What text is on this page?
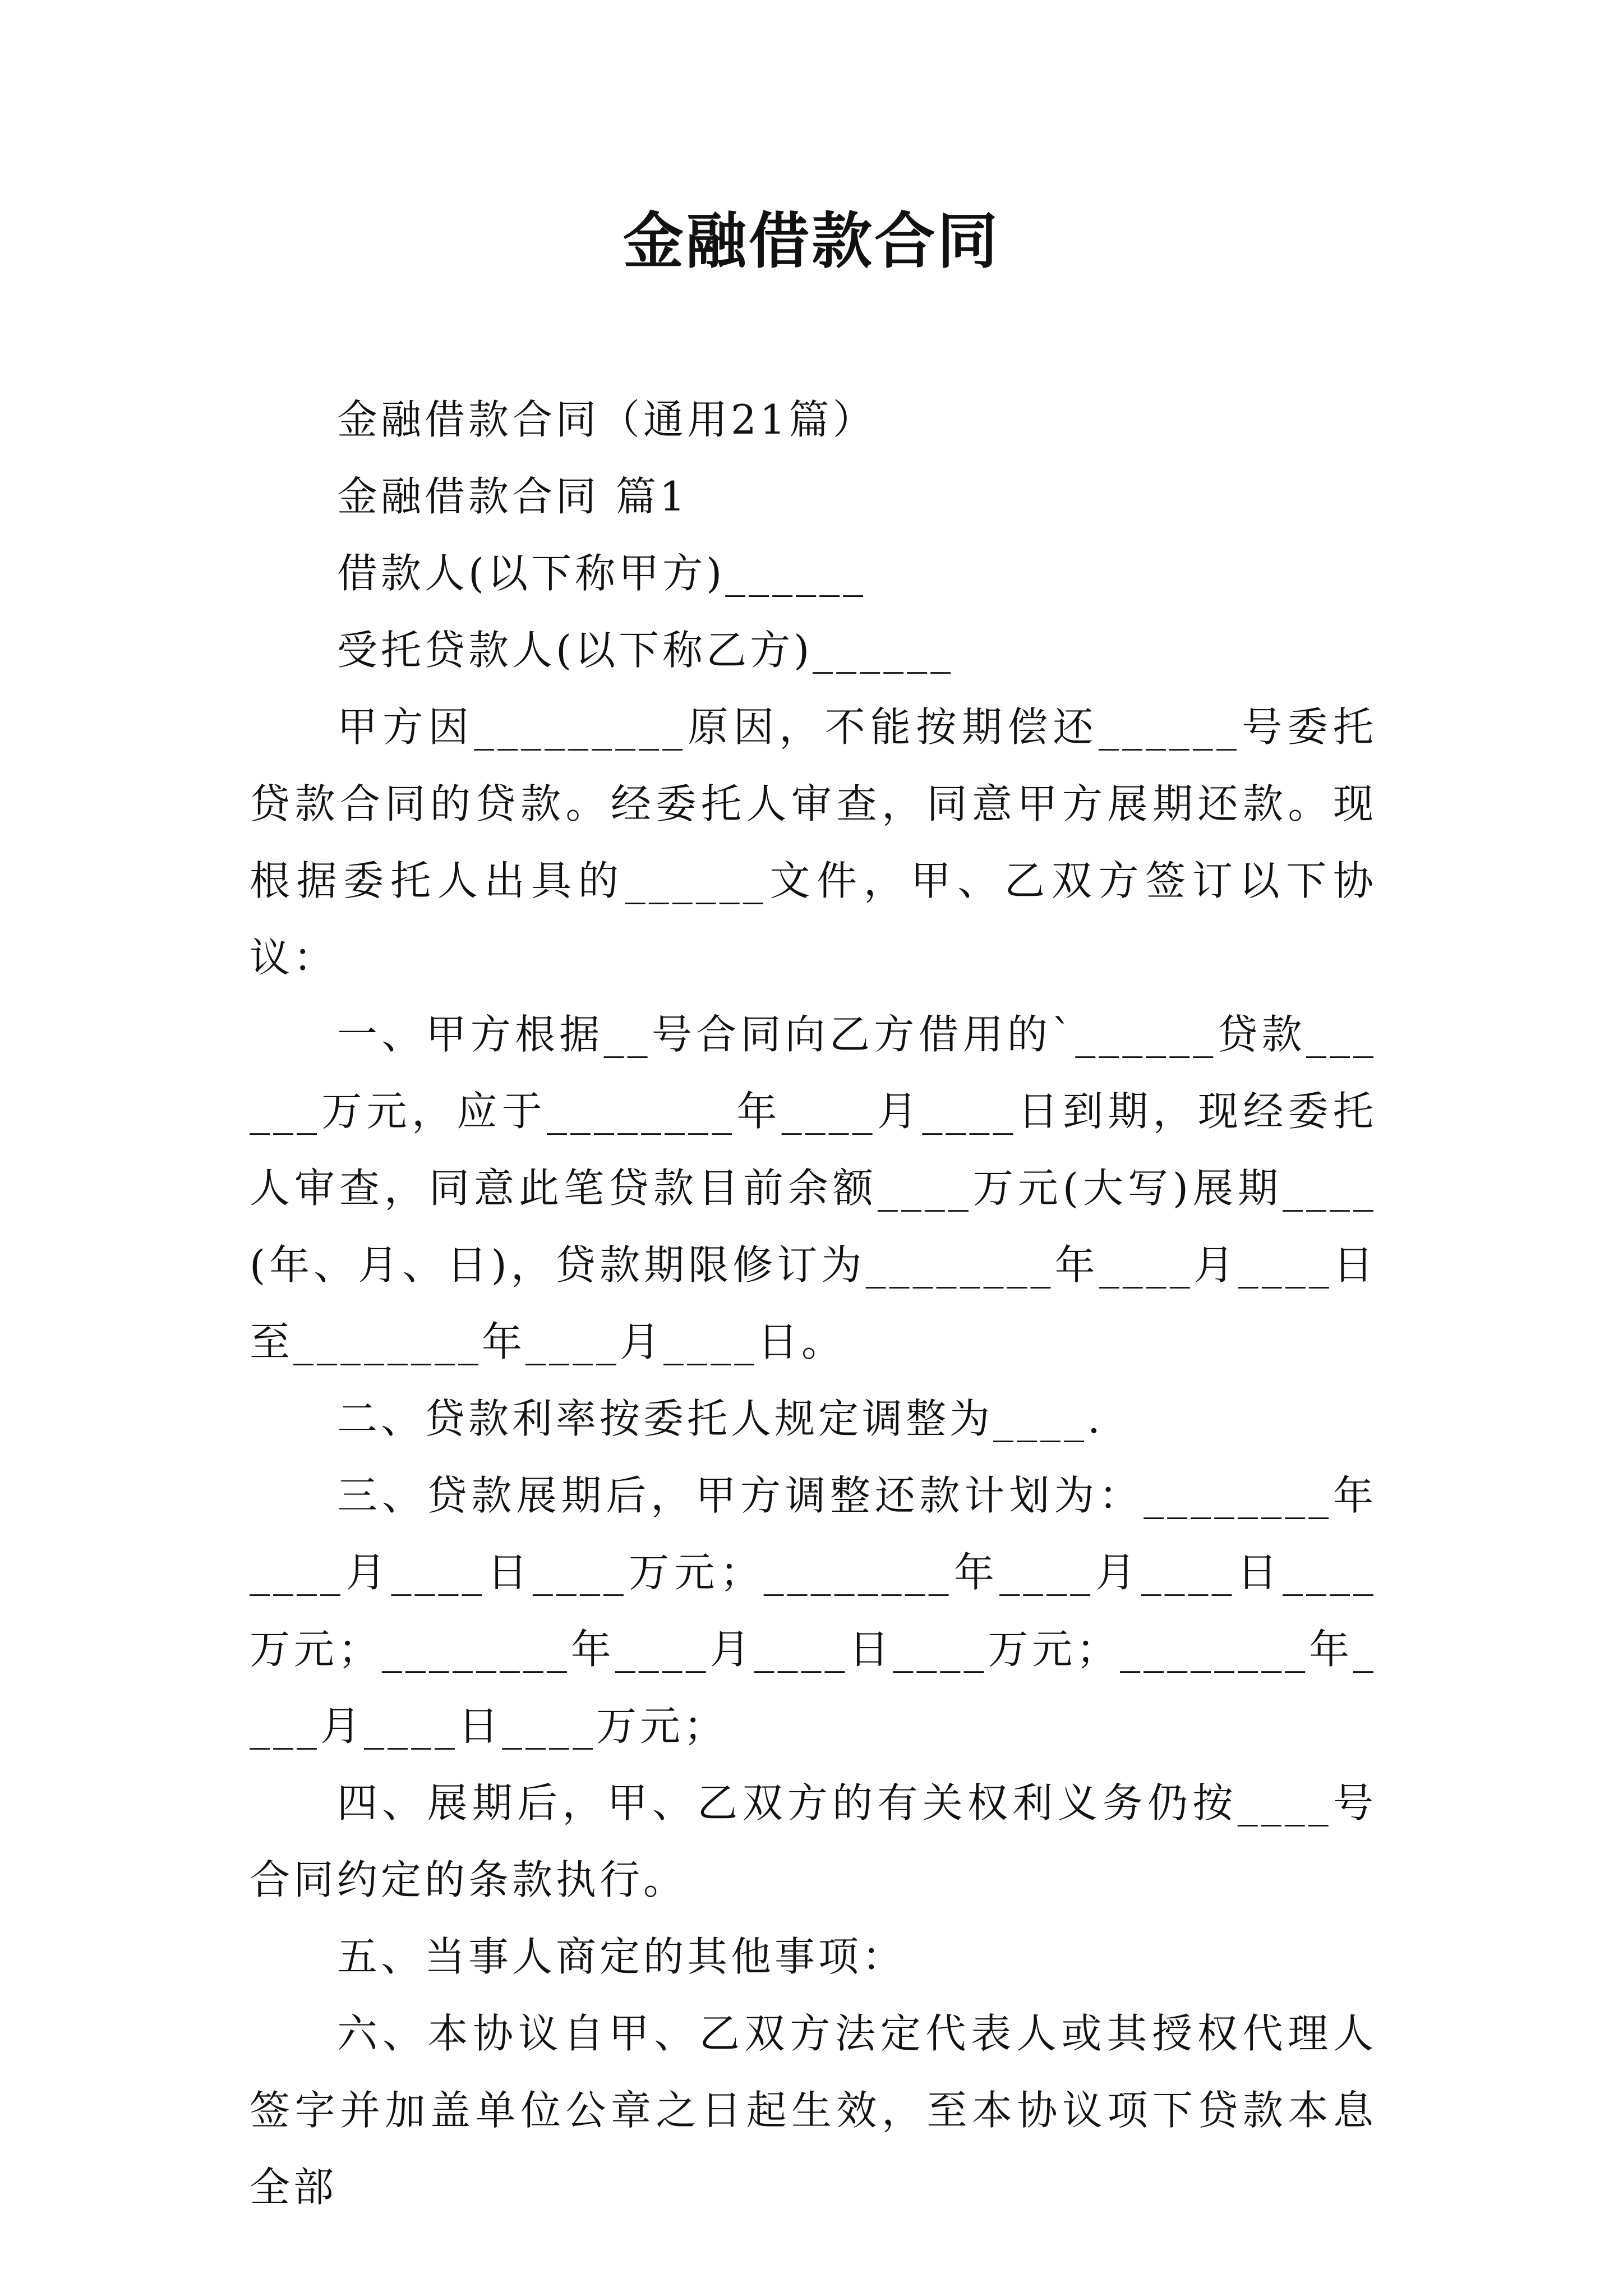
金融借款合同

金融借款合同（通用21篇）

金融借款合同 篇1

借款人(以下称甲方)______

受托贷款人(以下称乙方)______

甲方因_________原因，不能按期偿还______号委托贷款合同的贷款。经委托人审查，同意甲方展期还款。现根据委托人出具的______文件，甲、乙双方签订以下协议：

一、甲方根据__号合同向乙方借用的`______贷款______万元，应于________年____月____日到期，现经委托人审查，同意此笔贷款目前余额____万元(大写)展期____(年、月、日)，贷款期限修订为________年____月____日至________年____月____日。

二、贷款利率按委托人规定调整为____.

三、贷款展期后，甲方调整还款计划为：________年____月____日____万元；________年____月____日____万元；________年____月____日____万元；________年____月____日____万元；

四、展期后，甲、乙双方的有关权利义务仍按____号合同约定的条款执行。

五、当事人商定的其他事项：

六、本协议自甲、乙双方法定代表人或其授权代理人签字并加盖单位公章之日起生效，至本协议项下贷款本息全部
